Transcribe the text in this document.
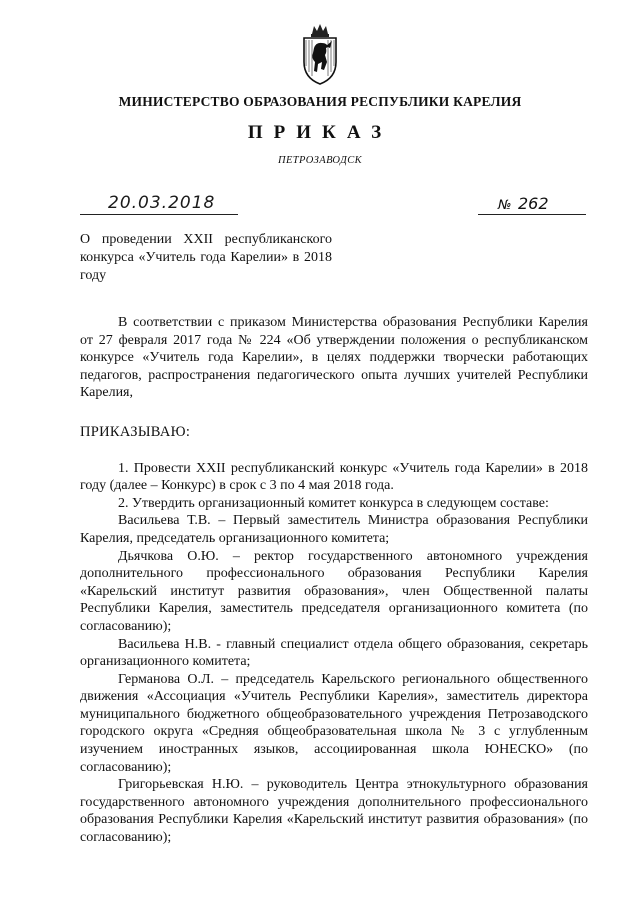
МИНИСТЕРСТВО ОБРАЗОВАНИЯ РЕСПУБЛИКИ КАРЕЛИЯ
ПРИКАЗ
ПЕТРОЗАВОДСК
20.03.2018	№ 262
О проведении XXII республиканского конкурса «Учитель года Карелии» в 2018 году

В соответствии с приказом Министерства образования Республики Карелия от 27 февраля 2017 года № 224 «Об утверждении положения о республиканском конкурсе «Учитель года Карелии», в целях поддержки творчески работающих педагогов, распространения педагогического опыта лучших учителей Республики Карелия,

ПРИКАЗЫВАЮ:

1. Провести XXII республиканский конкурс «Учитель года Карелии» в 2018 году (далее – Конкурс) в срок с 3 по 4 мая 2018 года.

2. Утвердить организационный комитет конкурса в следующем составе:

Васильева Т.В. – Первый заместитель Министра образования Республики Карелия, председатель организационного комитета;

Дьячкова О.Ю. – ректор государственного автономного учреждения дополнительного профессионального образования Республики Карелия «Карельский институт развития образования», член Общественной палаты Республики Карелия, заместитель председателя организационного комитета (по согласованию);

Васильева Н.В. - главный специалист отдела общего образования, секретарь организационного комитета;

Германова О.Л. – председатель Карельского регионального общественного движения «Ассоциация «Учитель Республики Карелия», заместитель директора муниципального бюджетного общеобразовательного учреждения Петрозаводского городского округа «Средняя общеобразовательная школа № 3 с углубленным изучением иностранных языков, ассоциированная школа ЮНЕСКО» (по согласованию);

Григорьевская Н.Ю. – руководитель Центра этнокультурного образования государственного автономного учреждения дополнительного профессионального образования Республики Карелия «Карельский институт развития образования» (по согласованию);
